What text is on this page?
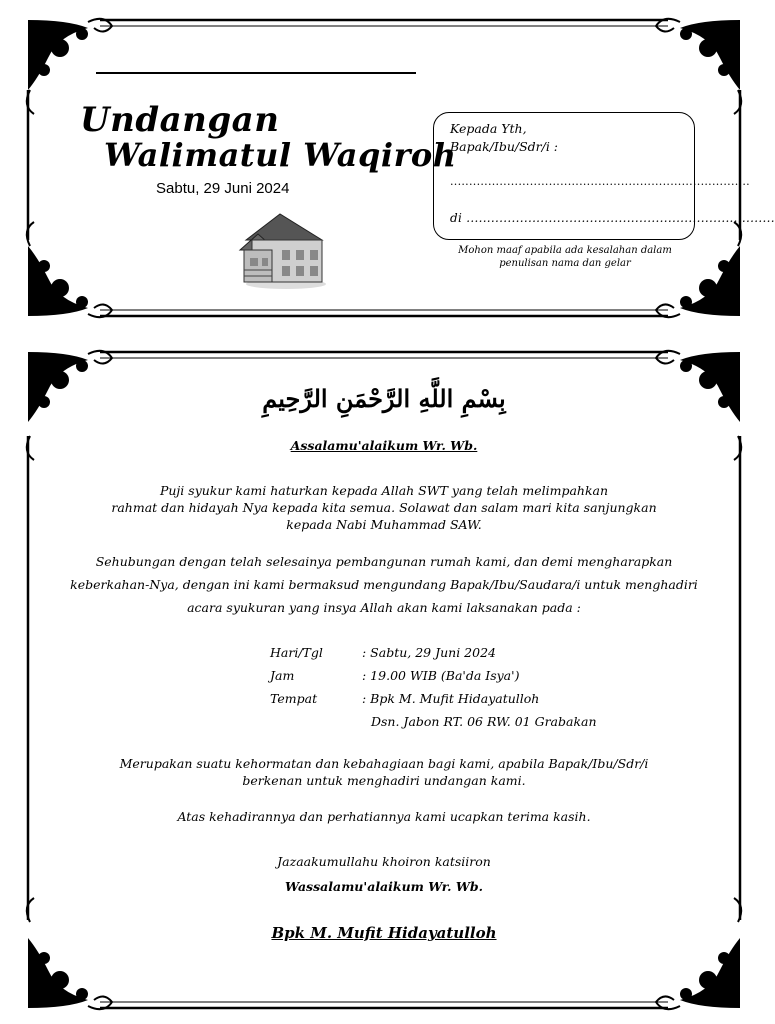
Undangan
Walimatul Waqiroh
Sabtu, 29 Juni 2024
Kepada Yth,
Bapak/Ibu/Sdr/i :
...............................................................................
di ...........................................................................
Mohon maaf apabila ada kesalahan dalam penulisan nama dan gelar
بِسْمِ اللَّهِ الرَّحْمَنِ الرَّحِيمِ
Assalamu'alaikum Wr. Wb.
Puji syukur kami haturkan kepada Allah SWT yang telah melimpahkan
rahmat dan hidayah Nya kepada kita semua. Solawat dan salam mari kita sanjungkan
kepada Nabi Muhammad SAW.
Sehubungan dengan telah selesainya pembangunan rumah kami, dan demi mengharapkan
keberkahan-Nya, dengan ini kami bermaksud mengundang Bapak/Ibu/Saudara/i untuk menghadiri
acara syukuran yang insya Allah akan kami laksanakan pada :
Hari/Tgl	: Sabtu, 29 Juni 2024
Jam	: 19.00 WIB (Ba'da Isya')
Tempat	: Bpk M. Mufit Hidayatulloh
Dsn. Jabon RT. 06 RW. 01 Grabakan
Merupakan suatu kehormatan dan kebahagiaan bagi kami, apabila Bapak/Ibu/Sdr/i
berkenan untuk menghadiri undangan kami.
Atas kehadirannya dan perhatiannya kami ucapkan terima kasih.
Jazaakumullahu khoiron katsiiron
Wassalamu'alaikum Wr. Wb.
Bpk M. Mufit Hidayatulloh
